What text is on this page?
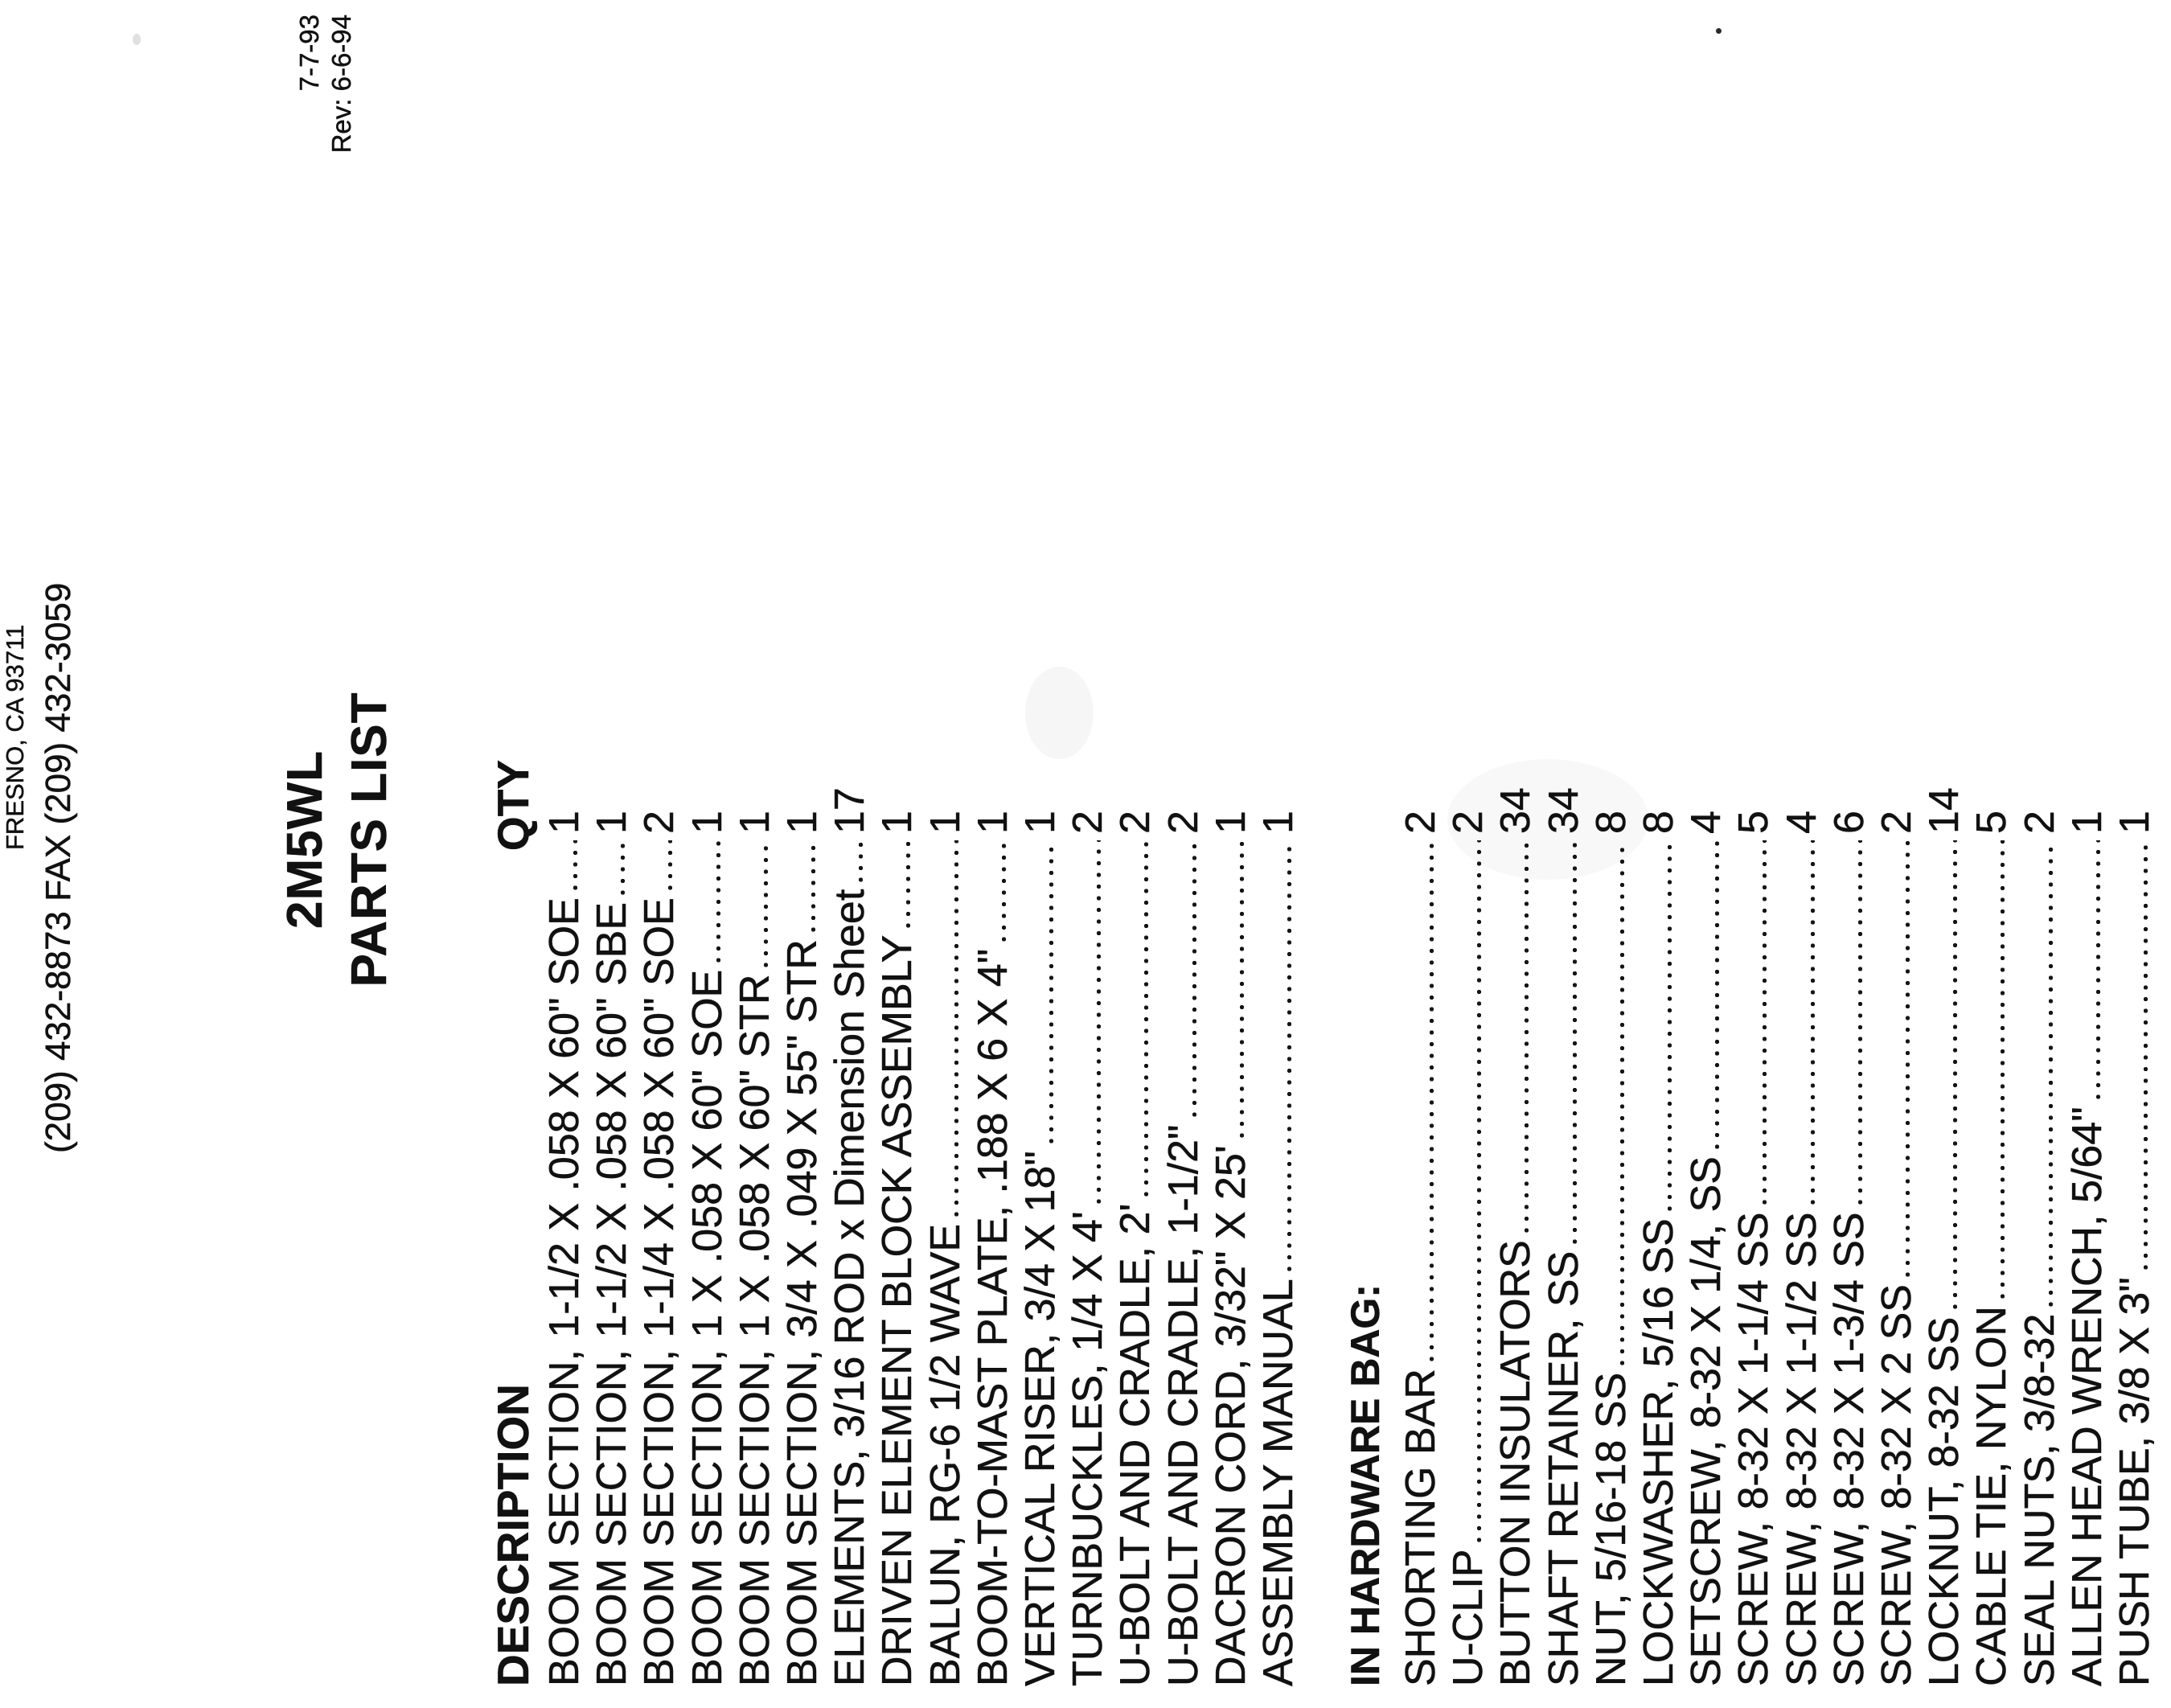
FRESNO, CA 93711 (209) 432-8873 FAX (209) 432-3059
7-7-93 Rev: 6-6-94
2M5WL PARTS LIST
DESCRIPTION
QTY
BOOM SECTION, 1-1/2 X .058 X 60" SOE
1
BOOM SECTION, 1-1/2 X .058 X 60" SBE
1
BOOM SECTION, 1-1/4 X .058 X 60" SOE
2
BOOM SECTION, 1 X .058 X 60" SOE
1
BOOM SECTION, 1 X .058 X 60" STR
1
BOOM SECTION, 3/4 X .049 X 55" STR
1
ELEMENTS, 3/16 ROD x Dimension Sheet
17
DRIVEN ELEMENT BLOCK ASSEMBLY
1
BALUN, RG-6 1/2 WAVE
1
BOOM-TO-MAST PLATE, .188 X 6 X 4"
1
VERTICAL RISER, 3/4 X 18"
1
TURNBUCKLES, 1/4 X 4'
2
U-BOLT AND CRADLE, 2'
2
U-BOLT AND CRADLE, 1-1/2"
2
DACRON CORD, 3/32" X 25'
1
ASSEMBLY MANUAL
1
IN HARDWARE BAG: SHORTING BAR
2
U-CLIP
2
BUTTON INSULATORS
34
SHAFT RETAINER, SS
34
NUT, 5/16-18 SS
8
LOCKWASHER, 5/16 SS
8
SETSCREW, 8-32 X 1/4, SS
4
SCREW, 8-32 X 1-1/4 SS
5
SCREW, 8-32 X 1-1/2 SS
4
SCREW, 8-32 X 1-3/4 SS
6
SCREW, 8-32 X 2 SS
2
LOCKNUT, 8-32 SS
14
CABLE TIE, NYLON
5
SEAL NUTS, 3/8-32
2
ALLEN HEAD WRENCH, 5/64"
1
PUSH TUBE, 3/8 X 3"
1
